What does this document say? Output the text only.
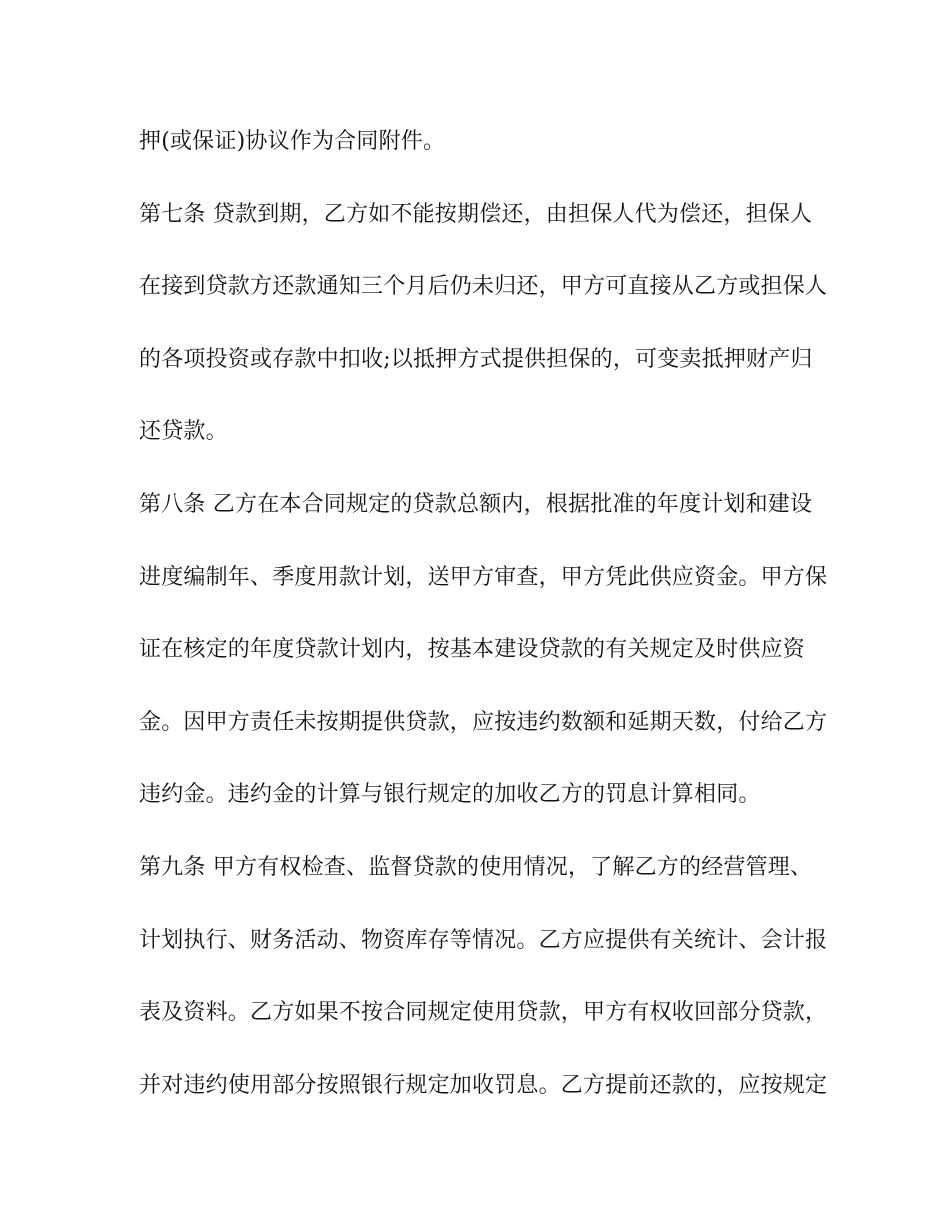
押(或保证)协议作为合同附件。
第七条 贷款到期，乙方如不能按期偿还，由担保人代为偿还，担保人
在接到贷款方还款通知三个月后仍未归还，甲方可直接从乙方或担保人
的各项投资或存款中扣收;以抵押方式提供担保的，可变卖抵押财产归
还贷款。
第八条 乙方在本合同规定的贷款总额内，根据批准的年度计划和建设
进度编制年、季度用款计划，送甲方审查，甲方凭此供应资金。甲方保
证在核定的年度贷款计划内，按基本建设贷款的有关规定及时供应资
金。因甲方责任未按期提供贷款，应按违约数额和延期天数，付给乙方
违约金。违约金的计算与银行规定的加收乙方的罚息计算相同。
第九条 甲方有权检查、监督贷款的使用情况，了解乙方的经营管理、
计划执行、财务活动、物资库存等情况。乙方应提供有关统计、会计报
表及资料。乙方如果不按合同规定使用贷款，甲方有权收回部分贷款，
并对违约使用部分按照银行规定加收罚息。乙方提前还款的，应按规定
